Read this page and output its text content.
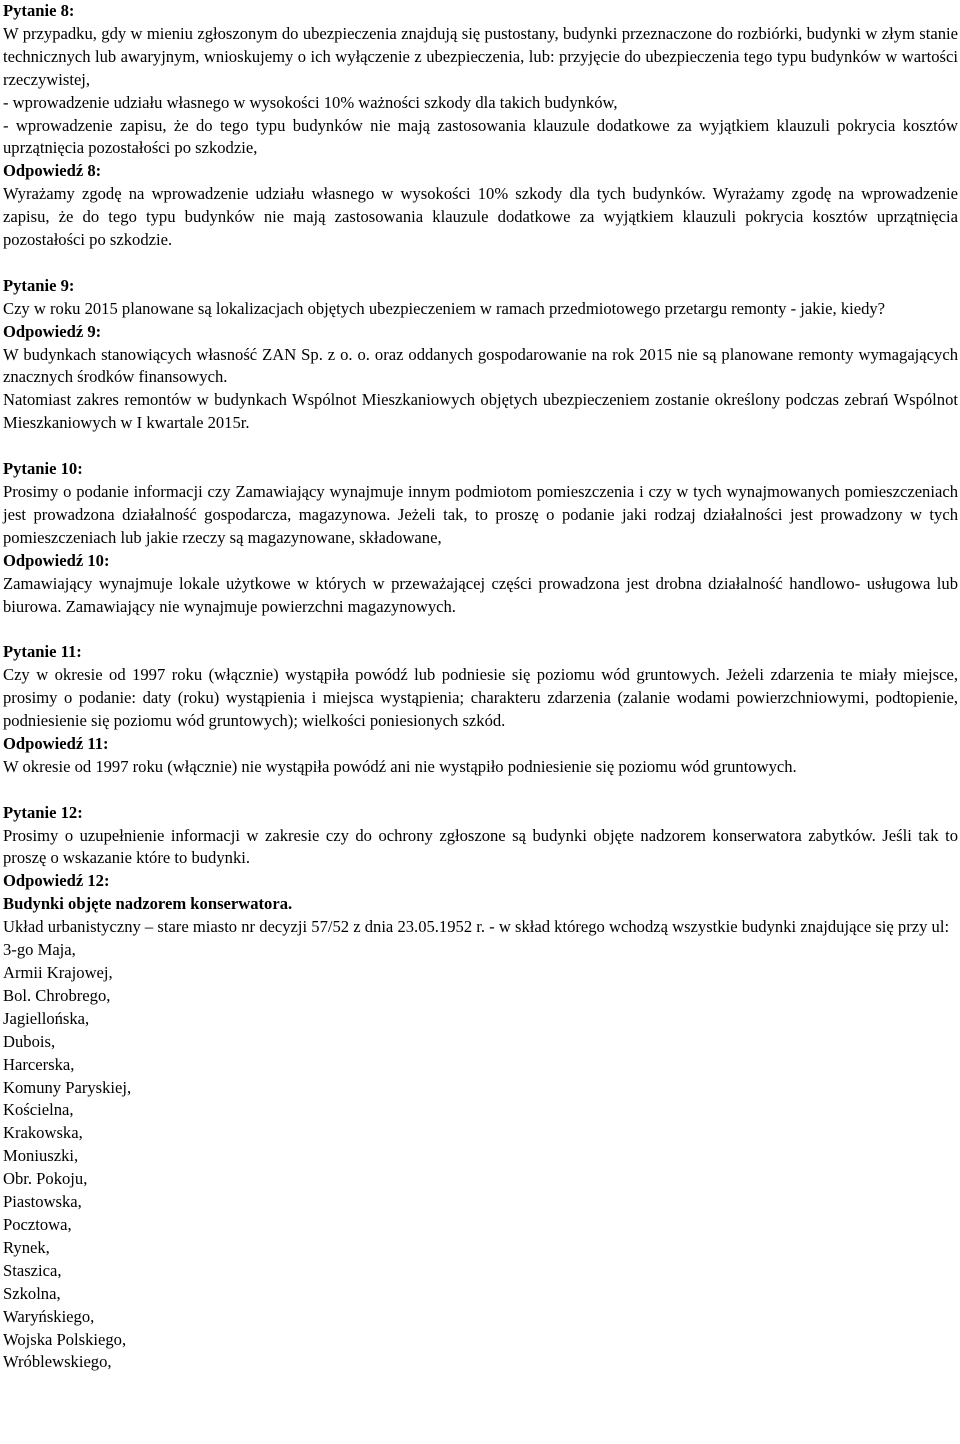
Pytanie 8:

W przypadku, gdy w mieniu zgłoszonym do ubezpieczenia znajdują się pustostany, budynki przeznaczone do rozbiórki, budynki w złym stanie technicznych lub awaryjnym, wnioskujemy o ich wyłączenie z ubezpieczenia, lub: przyjęcie do ubezpieczenia tego typu budynków w wartości rzeczywistej,

- wprowadzenie udziału własnego w wysokości 10% ważności szkody dla takich budynków,

- wprowadzenie zapisu, że do tego typu budynków nie mają zastosowania klauzule dodatkowe za wyjątkiem klauzuli pokrycia kosztów uprzątnięcia pozostałości po szkodzie,

Odpowiedź 8:

Wyrażamy zgodę na wprowadzenie udziału własnego w wysokości 10% szkody dla tych budynków. Wyrażamy zgodę na wprowadzenie zapisu, że do tego typu budynków nie mają zastosowania klauzule dodatkowe za wyjątkiem klauzuli pokrycia kosztów uprzątnięcia pozostałości po szkodzie.

Pytanie 9:

Czy w roku 2015 planowane są lokalizacjach objętych ubezpieczeniem w ramach przedmiotowego przetargu remonty - jakie, kiedy?

Odpowiedź 9:

W budynkach stanowiących własność ZAN Sp. z o. o. oraz oddanych gospodarowanie na rok 2015 nie są planowane remonty wymagających znacznych środków finansowych.

Natomiast zakres remontów w budynkach Wspólnot Mieszkaniowych objętych ubezpieczeniem zostanie określony podczas zebrań Wspólnot Mieszkaniowych w I kwartale 2015r.

Pytanie 10:

Prosimy o podanie informacji czy Zamawiający wynajmuje innym podmiotom pomieszczenia i czy w tych wynajmowanych pomieszczeniach jest prowadzona działalność gospodarcza, magazynowa. Jeżeli tak, to proszę o podanie jaki rodzaj działalności jest prowadzony w tych pomieszczeniach lub jakie rzeczy są magazynowane, składowane,

Odpowiedź 10:

Zamawiający wynajmuje lokale użytkowe w których w przeważającej części prowadzona jest drobna działalność handlowo- usługowa lub biurowa. Zamawiający nie wynajmuje powierzchni magazynowych.

Pytanie 11:

Czy w okresie od 1997 roku (włącznie) wystąpiła powódź lub podniesie się poziomu wód gruntowych. Jeżeli zdarzenia te miały miejsce, prosimy o podanie: daty (roku) wystąpienia i miejsca wystąpienia; charakteru zdarzenia (zalanie wodami powierzchniowymi, podtopienie, podniesienie się poziomu wód gruntowych); wielkości poniesionych szkód.

Odpowiedź 11:

W okresie od 1997 roku (włącznie) nie wystąpiła powódź ani nie wystąpiło podniesienie się poziomu wód gruntowych.

Pytanie 12:

Prosimy o uzupełnienie informacji w zakresie czy do ochrony zgłoszone są budynki objęte nadzorem konserwatora zabytków. Jeśli tak to proszę o wskazanie które to budynki.

Odpowiedź 12:
Budynki objęte nadzorem konserwatora.

Układ urbanistyczny – stare miasto nr decyzji 57/52 z dnia 23.05.1952 r. - w skład którego wchodzą wszystkie budynki znajdujące się przy ul:

3-go Maja,
Armii Krajowej,
Bol. Chrobrego,
Jagiellońska,
Dubois,
Harcerska,
Komuny Paryskiej,
Kościelna,
Krakowska,
Moniuszki,
Obr. Pokoju,
Piastowska,
Pocztowa,
Rynek,
Staszica,
Szkolna,
Waryńskiego,
Wojska Polskiego,
Wróblewskiego,
